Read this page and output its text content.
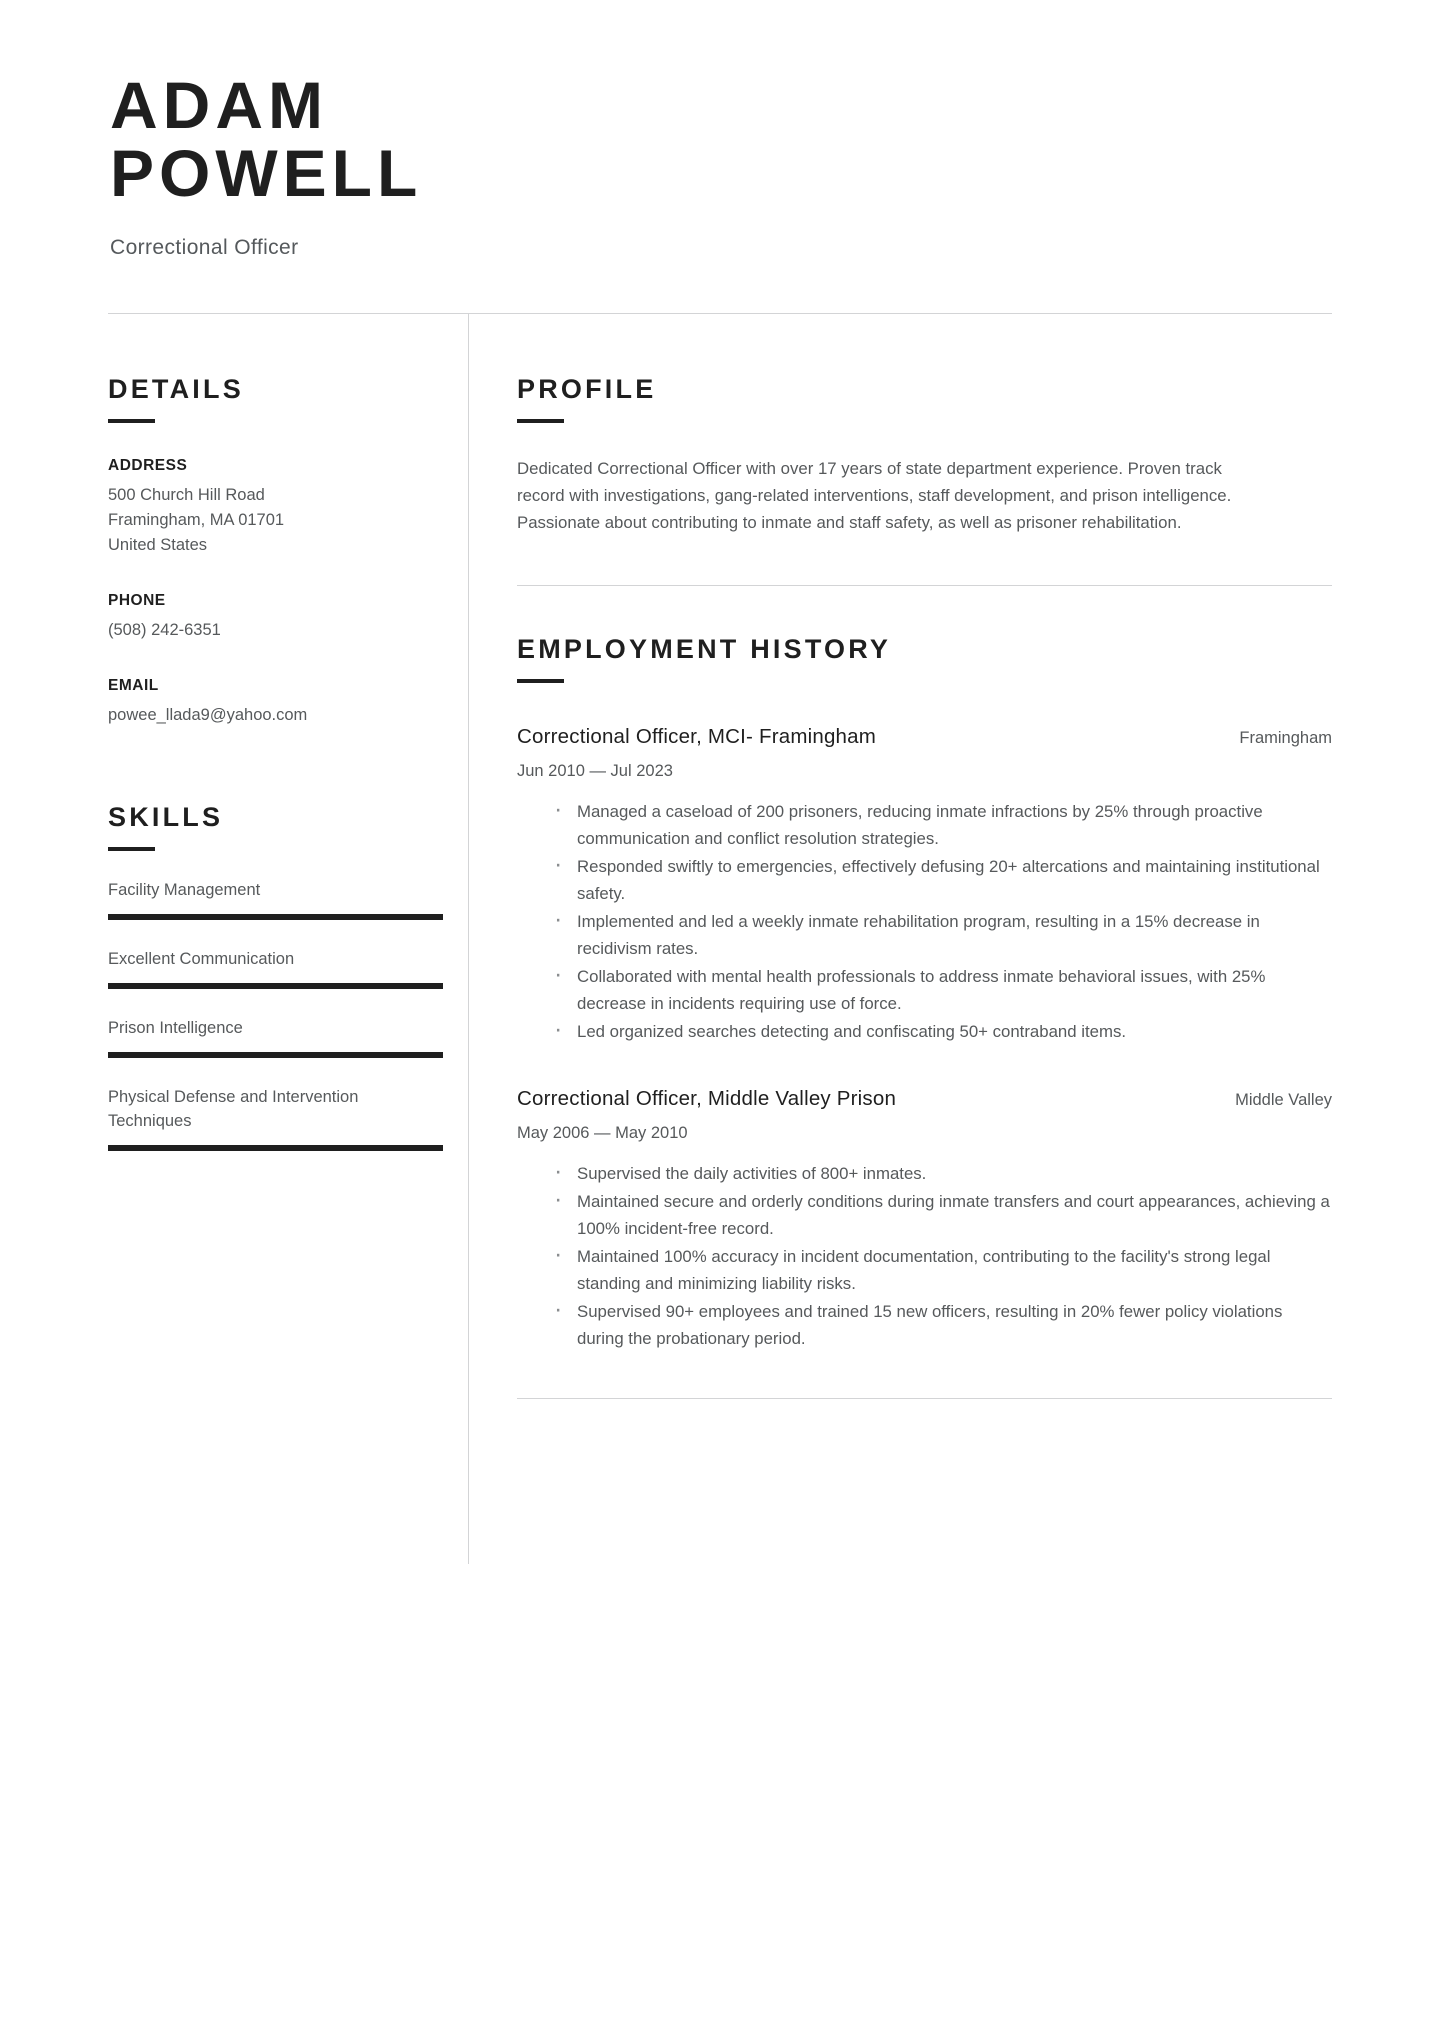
ADAM
POWELL
Correctional Officer
DETAILS
ADDRESS
500 Church Hill Road
Framingham, MA 01701
United States
PHONE
(508) 242-6351
EMAIL
powee_llada9@yahoo.com
SKILLS
Facility Management
Excellent Communication
Prison Intelligence
Physical Defense and Intervention Techniques
PROFILE

Dedicated Correctional Officer with over 17 years of state department experience. Proven track record with investigations, gang-related interventions, staff development, and prison intelligence. Passionate about contributing to inmate and staff safety, as well as prisoner rehabilitation.

EMPLOYMENT HISTORY
Correctional Officer, MCI- Framingham	Framingham
Jun 2010 — Jul 2023
· Managed a caseload of 200 prisoners, reducing inmate infractions by 25% through proactive communication and conflict resolution strategies.
· Responded swiftly to emergencies, effectively defusing 20+ altercations and maintaining institutional safety.
· Implemented and led a weekly inmate rehabilitation program, resulting in a 15% decrease in recidivism rates.
· Collaborated with mental health professionals to address inmate behavioral issues, with 25% decrease in incidents requiring use of force.
· Led organized searches detecting and confiscating 50+ contraband items.
Correctional Officer, Middle Valley Prison	Middle Valley
May 2006 — May 2010
· Supervised the daily activities of 800+ inmates.
· Maintained secure and orderly conditions during inmate transfers and court appearances, achieving a 100% incident-free record.
· Maintained 100% accuracy in incident documentation, contributing to the facility's strong legal standing and minimizing liability risks.
· Supervised 90+ employees and trained 15 new officers, resulting in 20% fewer policy violations during the probationary period.
